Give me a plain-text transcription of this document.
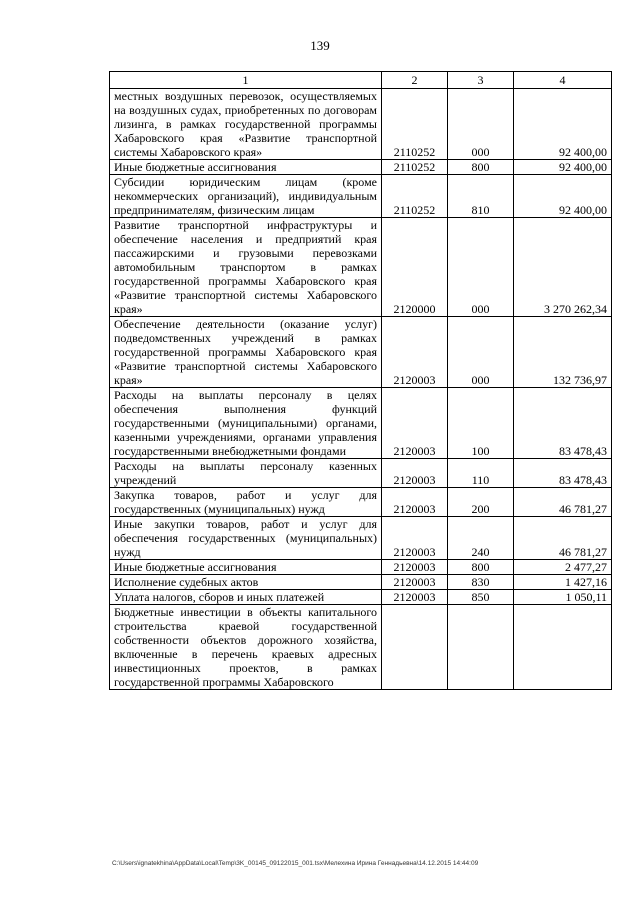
139
1	2	3	4
местных воздушных перевозок, осуществляемых на воздушных судах, приобретенных по договорам лизинга, в рамках государственной программы Хабаровского края «Развитие транспортной системы Хабаровского края»	2110252	000	92 400,00
Иные бюджетные ассигнования	2110252	800	92 400,00
Субсидии юридическим лицам (кроме некоммерческих организаций), индивидуальным предпринимателям, физическим лицам	2110252	810	92 400,00
Развитие транспортной инфраструктуры и обеспечение населения и предприятий края пассажирскими и грузовыми перевозками автомобильным транспортом в рамках государственной программы Хабаровского края «Развитие транспортной системы Хабаровского края»	2120000	000	3 270 262,34
Обеспечение деятельности (оказание услуг) подведомственных учреждений в рамках государственной программы Хабаровского края «Развитие транспортной системы Хабаровского края»	2120003	000	132 736,97
Расходы на выплаты персоналу в целях обеспечения выполнения функций государственными (муниципальными) органами, казенными учреждениями, органами управления государственными внебюджетными фондами	2120003	100	83 478,43
Расходы на выплаты персоналу казенных учреждений	2120003	110	83 478,43
Закупка товаров, работ и услуг для государственных (муниципальных) нужд	2120003	200	46 781,27
Иные закупки товаров, работ и услуг для обеспечения государственных (муниципальных) нужд	2120003	240	46 781,27
Иные бюджетные ассигнования	2120003	800	2 477,27
Исполнение судебных актов	2120003	830	1 427,16
Уплата налогов, сборов и иных платежей	2120003	850	1 050,11
Бюджетные инвестиции в объекты капитального строительства краевой государственной собственности объектов дорожного хозяйства, включенные в перечень краевых адресных инвестиционных проектов, в рамках государственной программы Хабаровского			
C:\Users\ignatekhina\AppData\Local\Temp\3K_00145_09122015_001.tsx\Мелехина Ирина Геннадьевна\14.12.2015 14:44:09
